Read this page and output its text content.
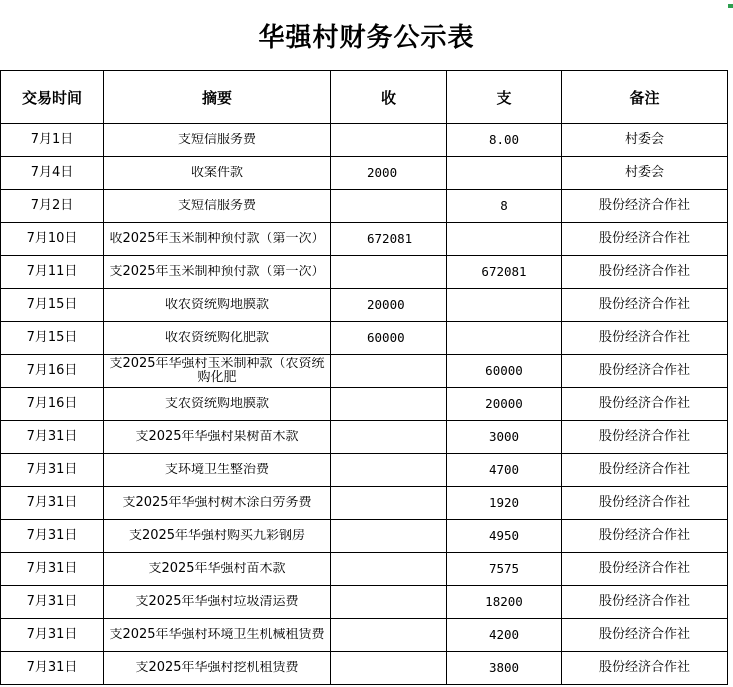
华强村财务公示表
交易时间	摘要	收	支	备注

7月1日	支短信服务费		8.00	村委会

7月4日	收案件款	2000		村委会

7月2日	支短信服务费		8	股份经济合作社

7月10日	收2025年玉米制种预付款（第一次）	672081		股份经济合作社

7月11日	支2025年玉米制种预付款（第一次）		672081	股份经济合作社

7月15日	收农资统购地膜款	20000		股份经济合作社

7月15日	收农资统购化肥款	60000		股份经济合作社

7月16日	支2025年华强村玉米制种款（农资统购化肥		60000	股份经济合作社

7月16日	支农资统购地膜款		20000	股份经济合作社

7月31日	支2025年华强村果树苗木款		3000	股份经济合作社

7月31日	支环境卫生整治费		4700	股份经济合作社

7月31日	支2025年华强村树木涂白劳务费		1920	股份经济合作社

7月31日	支2025年华强村购买九彩钢房		4950	股份经济合作社

7月31日	支2025年华强村苗木款		7575	股份经济合作社

7月31日	支2025年华强村垃圾清运费		18200	股份经济合作社

7月31日	支2025年华强村环境卫生机械租赁费		4200	股份经济合作社

7月31日	支2025年华强村挖机租赁费		3800	股份经济合作社
